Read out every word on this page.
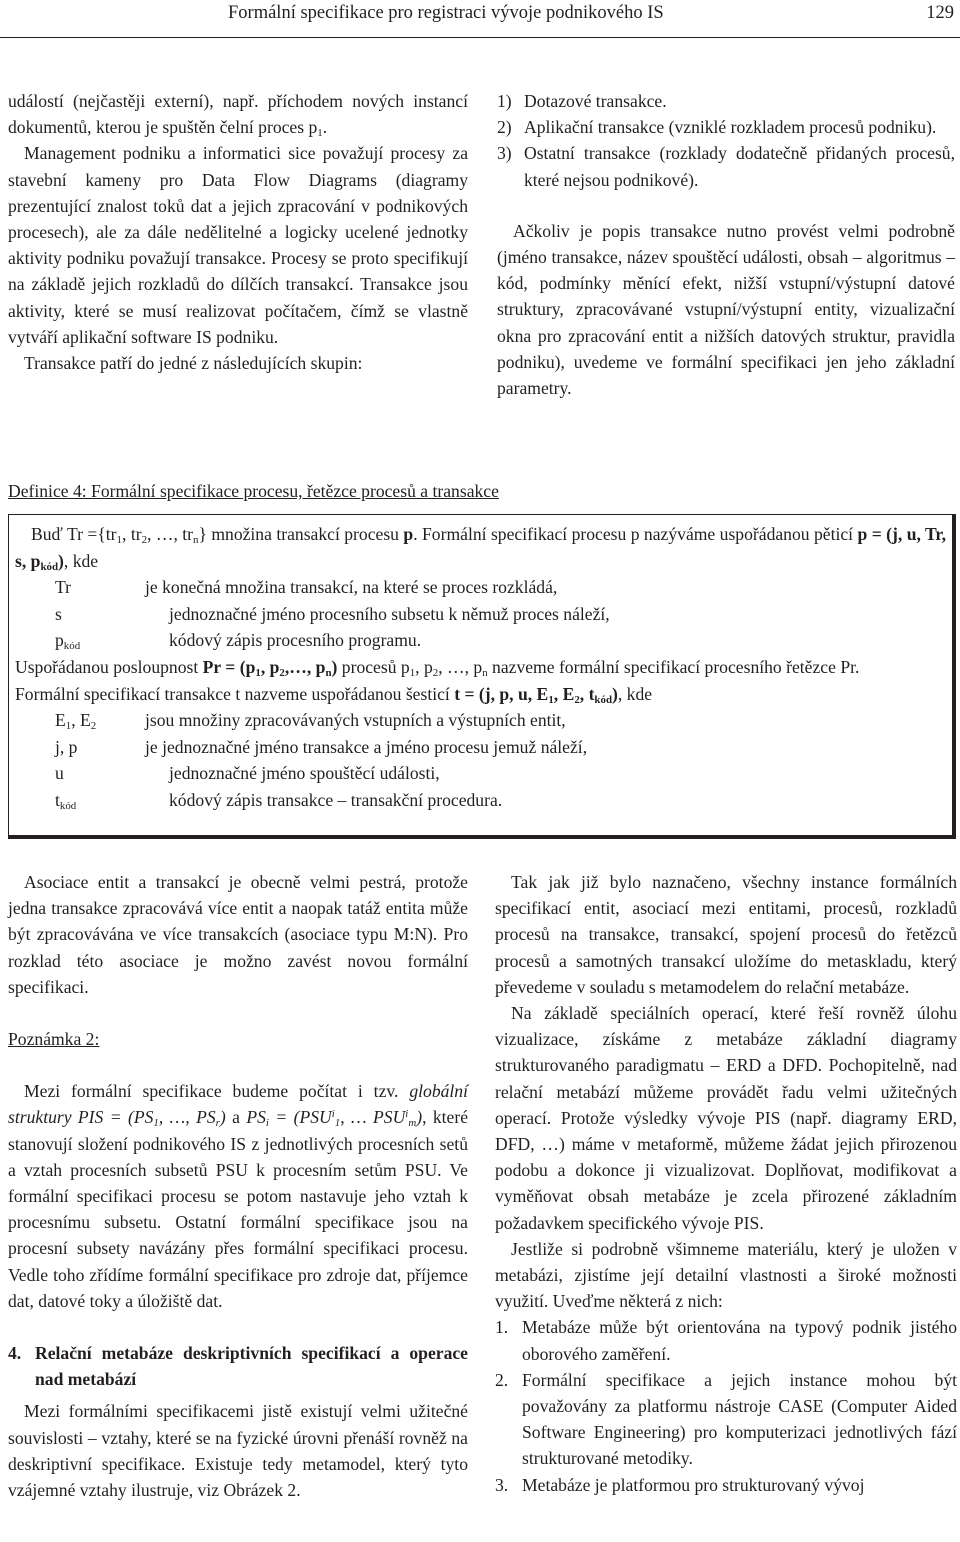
Formální specifikace pro registraci vývoje podnikového IS	129

událostí (nejčastěji externí), např. příchodem nových instancí dokumentů, kterou je spuštěn čelní proces $p_1$.

Management podniku a informatici sice považují procesy za stavební kameny pro Data Flow Diagrams (diagramy prezentující znalost toků dat a jejich zpracování v podnikových procesech), ale za dále nedělitelné a logicky ucelené jednotky aktivity podniku považují transakce. Procesy se proto specifikují na základě jejich rozkladů do dílčích transakcí. Transakce jsou aktivity, které se musí realizovat počítačem, čímž se vlastně vytváří aplikační software IS podniku.

Transakce patří do jedné z následujících skupin:

1) Dotazové transakce.
2) Aplikační transakce (vzniklé rozkladem procesů podniku).
3) Ostatní transakce (rozklady dodatečně přidaných procesů, které nejsou podnikové).

Ačkoliv je popis transakce nutno provést velmi podrobně (jméno transakce, název spouštěcí události, obsah – algoritmus – kód, podmínky měnící efekt, nižší vstupní/výstupní datové struktury, zpracovávané vstupní/výstupní entity, vizualizační okna pro zpracování entit a nižších datových struktur, pravidla podniku), uvedeme ve formální specifikaci jen jeho základní parametry.

Definice 4: Formální specifikace procesu, řetězce procesů a transakce

Buď $Tr =\{tr_1$, $tr_2$, …, $tr_n$} množina transakcí procesu p. Formální specifikací procesu p nazýváme uspořádanou pěticí p = (j, u, Tr, s, $p_{kód}$), kde

Tr	je konečná množina transakcí, na které se proces rozkládá,
s	jednoznačné jméno procesního subsetu k němuž proces náleží,
$p_{kód}$	kódový zápis procesního programu.

Uspořádanou posloupnost $Pr = (p_1$, $p_2,\dots$, $p_n$) procesů $p_1$, $p_2$, …, $p_n$ nazveme formální specifikací procesního řetězce Pr.

Formální specifikací transakce t nazveme uspořádanou šesticí t = (j, p, u, $E_1$, $E_2$, $t_{kód}$), kde

$E_1$, $E_2$	jsou množiny zpracovávaných vstupních a výstupních entit,
j, p	je jednoznačné jméno transakce a jméno procesu jemuž náleží,
u	jednoznačné jméno spouštěcí události,
$t_{kód}$	kódový zápis transakce – transakční procedura.

Asociace entit a transakcí je obecně velmi pestrá, protože jedna transakce zpracovává více entit a naopak tatáž entita může být zpracovávána ve více transakcích (asociace typu M:N). Pro rozklad této asociace je možno zavést novou formální specifikaci.

Poznámka 2:

Mezi formální specifikace budeme počítat i tzv. globální struktury PIS = ($PS_1$, …, $PS_r$) a $PS_i = (PSU^i_1$, … $PSU^i_m$), které stanovují složení podnikového IS z jednotlivých procesních setů a vztah procesních subsetů PSU k procesním setům PSU. Ve formální specifikaci procesu se potom nastavuje jeho vztah k procesnímu subsetu. Ostatní formální specifikace jsou na procesní subsety navázány přes formální specifikaci procesu. Vedle toho zřídíme formální specifikace pro zdroje dat, příjemce dat, datové toky a úložiště dat.

4. Relační metabáze deskriptivních specifikací a operace nad metabází

Mezi formálními specifikacemi jistě existují velmi užitečné souvislosti – vztahy, které se na fyzické úrovni přenáší rovněž na deskriptivní specifikace. Existuje tedy metamodel, který tyto vzájemné vztahy ilustruje, viz Obrázek 2.

Tak jak již bylo naznačeno, všechny instance formálních specifikací entit, asociací mezi entitami, procesů, rozkladů procesů na transakce, transakcí, spojení procesů do řetězců procesů a samotných transakcí uložíme do metaskladu, který převedeme v souladu s metamodelem do relační metabáze.

Na základě speciálních operací, které řeší rovněž úlohu vizualizace, získáme z metabáze základní diagramy strukturovaného paradigmatu – ERD a DFD. Pochopitelně, nad relační metabází můžeme provádět řadu velmi užitečných operací. Protože výsledky vývoje PIS (např. diagramy ERD, DFD, …) máme v metaformě, můžeme žádat jejich přirozenou podobu a dokonce ji vizualizovat. Doplňovat, modifikovat a vyměňovat obsah metabáze je zcela přirozené základním požadavkem specifického vývoje PIS.

Jestliže si podrobně všimneme materiálu, který je uložen v metabázi, zjistíme její detailní vlastnosti a široké možnosti využití. Uveďme některá z nich:

1. Metabáze může být orientována na typový podnik jistého oborového zaměření.
2. Formální specifikace a jejich instance mohou být považovány za platformu nástroje CASE (Computer Aided Software Engineering) pro komputerizaci jednotlivých fází strukturované metodiky.
3. Metabáze je platformou pro strukturovaný vývoj
